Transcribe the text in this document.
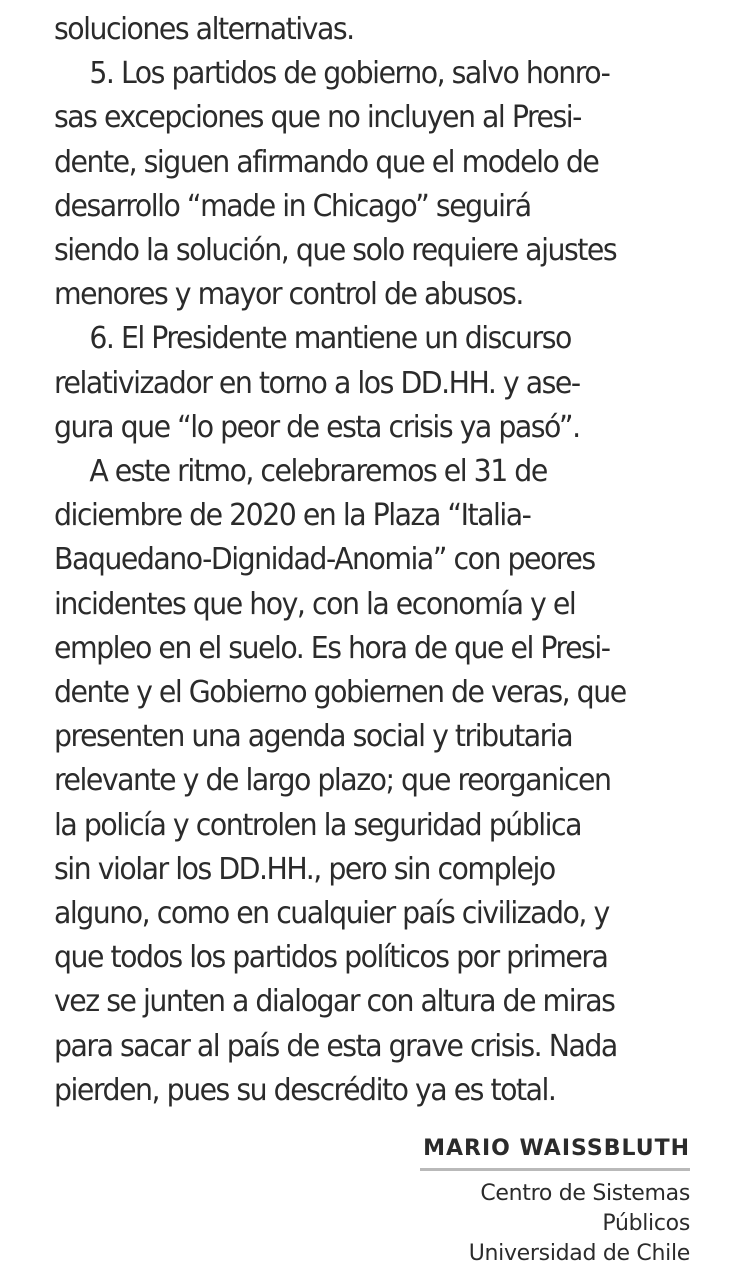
soluciones alternativas.
5. Los partidos de gobierno, salvo honro-
sas excepciones que no incluyen al Presi-
dente, siguen afirmando que el modelo de
desarrollo “made in Chicago” seguirá
siendo la solución, que solo requiere ajustes
menores y mayor control de abusos.
6. El Presidente mantiene un discurso
relativizador en torno a los DD.HH. y ase-
gura que “lo peor de esta crisis ya pasó”.
A este ritmo, celebraremos el 31 de
diciembre de 2020 en la Plaza “Italia-
Baquedano-Dignidad-Anomia” con peores
incidentes que hoy, con la economía y el
empleo en el suelo. Es hora de que el Presi-
dente y el Gobierno gobiernen de veras, que
presenten una agenda social y tributaria
relevante y de largo plazo; que reorganicen
la policía y controlen la seguridad pública
sin violar los DD.HH., pero sin complejo
alguno, como en cualquier país civilizado, y
que todos los partidos políticos por primera
vez se junten a dialogar con altura de miras
para sacar al país de esta grave crisis. Nada
pierden, pues su descrédito ya es total.
MARIO WAISSBLUTH
Centro de Sistemas Públicos
Universidad de Chile
